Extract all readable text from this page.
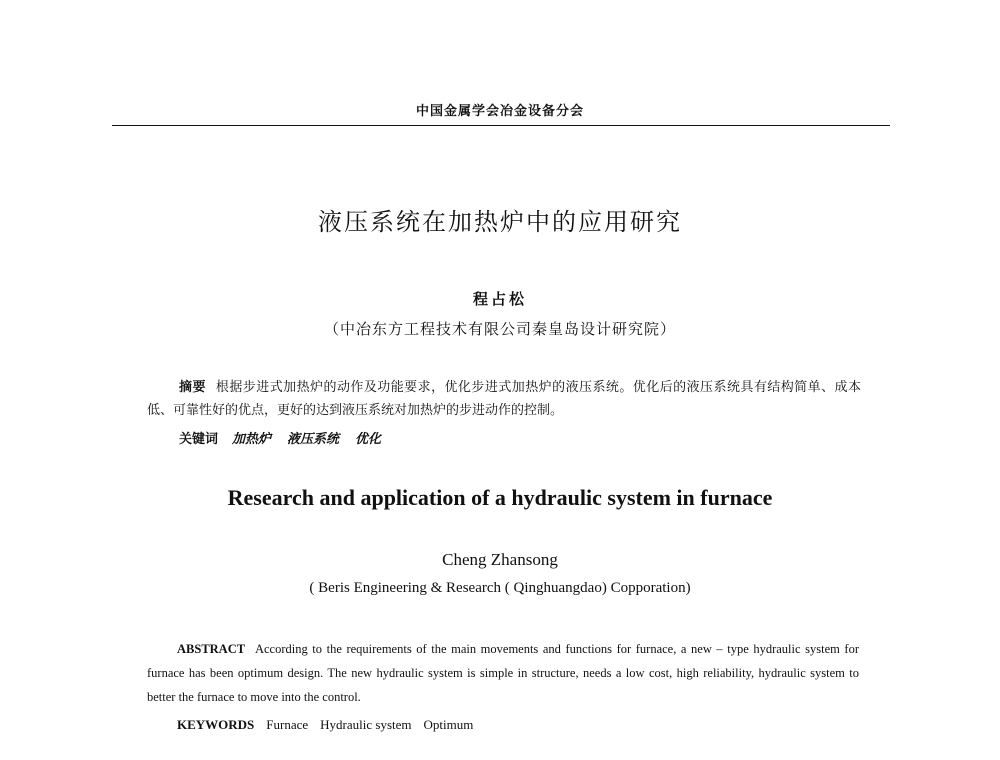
中国金属学会冶金设备分会
液压系统在加热炉中的应用研究
程占松
（中冶东方工程技术有限公司秦皇岛设计研究院）

摘要 根据步进式加热炉的动作及功能要求，优化步进式加热炉的液压系统。优化后的液压系统具有结构简单、成本低、可靠性好的优点，更好的达到液压系统对加热炉的步进动作的控制。

关键词 加热炉 液压系统 优化
Research and application of a hydraulic system in furnace
Cheng Zhansong
( Beris Engineering & Research ( Qinghuangdao) Copporation)

ABSTRACT According to the requirements of the main movements and functions for furnace, a new – type hydraulic system for furnace has been optimum design. The new hydraulic system is simple in structure, needs a low cost, high reliability, hydraulic system to better the furnace to move into the control.

KEYWORDS Furnace Hydraulic system Optimum
